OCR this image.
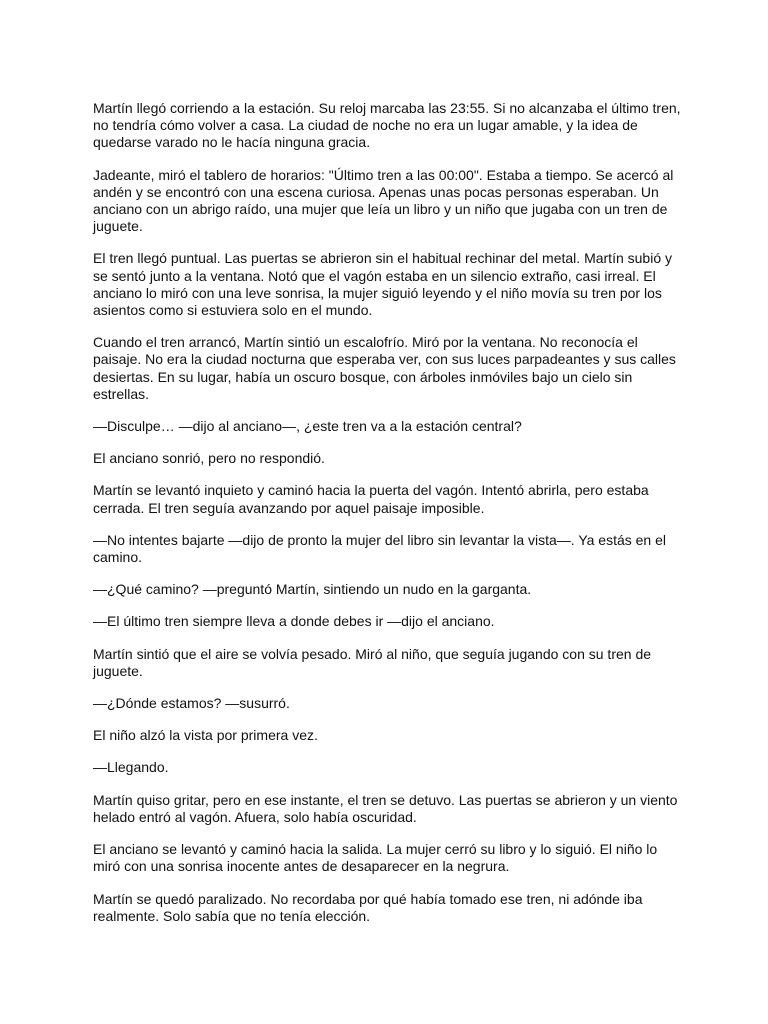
Martín llegó corriendo a la estación. Su reloj marcaba las 23:55. Si no alcanzaba el último tren, no tendría cómo volver a casa. La ciudad de noche no era un lugar amable, y la idea de quedarse varado no le hacía ninguna gracia.

Jadeante, miró el tablero de horarios: "Último tren a las 00:00". Estaba a tiempo. Se acercó al andén y se encontró con una escena curiosa. Apenas unas pocas personas esperaban. Un anciano con un abrigo raído, una mujer que leía un libro y un niño que jugaba con un tren de juguete.

El tren llegó puntual. Las puertas se abrieron sin el habitual rechinar del metal. Martín subió y se sentó junto a la ventana. Notó que el vagón estaba en un silencio extraño, casi irreal. El anciano lo miró con una leve sonrisa, la mujer siguió leyendo y el niño movía su tren por los asientos como si estuviera solo en el mundo.

Cuando el tren arrancó, Martín sintió un escalofrío. Miró por la ventana. No reconocía el paisaje. No era la ciudad nocturna que esperaba ver, con sus luces parpadeantes y sus calles desiertas. En su lugar, había un oscuro bosque, con árboles inmóviles bajo un cielo sin estrellas.

—Disculpe… —dijo al anciano—, ¿este tren va a la estación central?

El anciano sonrió, pero no respondió.

Martín se levantó inquieto y caminó hacia la puerta del vagón. Intentó abrirla, pero estaba cerrada. El tren seguía avanzando por aquel paisaje imposible.

—No intentes bajarte —dijo de pronto la mujer del libro sin levantar la vista—. Ya estás en el camino.

—¿Qué camino? —preguntó Martín, sintiendo un nudo en la garganta.

—El último tren siempre lleva a donde debes ir —dijo el anciano.

Martín sintió que el aire se volvía pesado. Miró al niño, que seguía jugando con su tren de juguete.

—¿Dónde estamos? —susurró.

El niño alzó la vista por primera vez.

—Llegando.

Martín quiso gritar, pero en ese instante, el tren se detuvo. Las puertas se abrieron y un viento helado entró al vagón. Afuera, solo había oscuridad.

El anciano se levantó y caminó hacia la salida. La mujer cerró su libro y lo siguió. El niño lo miró con una sonrisa inocente antes de desaparecer en la negrura.

Martín se quedó paralizado. No recordaba por qué había tomado ese tren, ni adónde iba realmente. Solo sabía que no tenía elección.
